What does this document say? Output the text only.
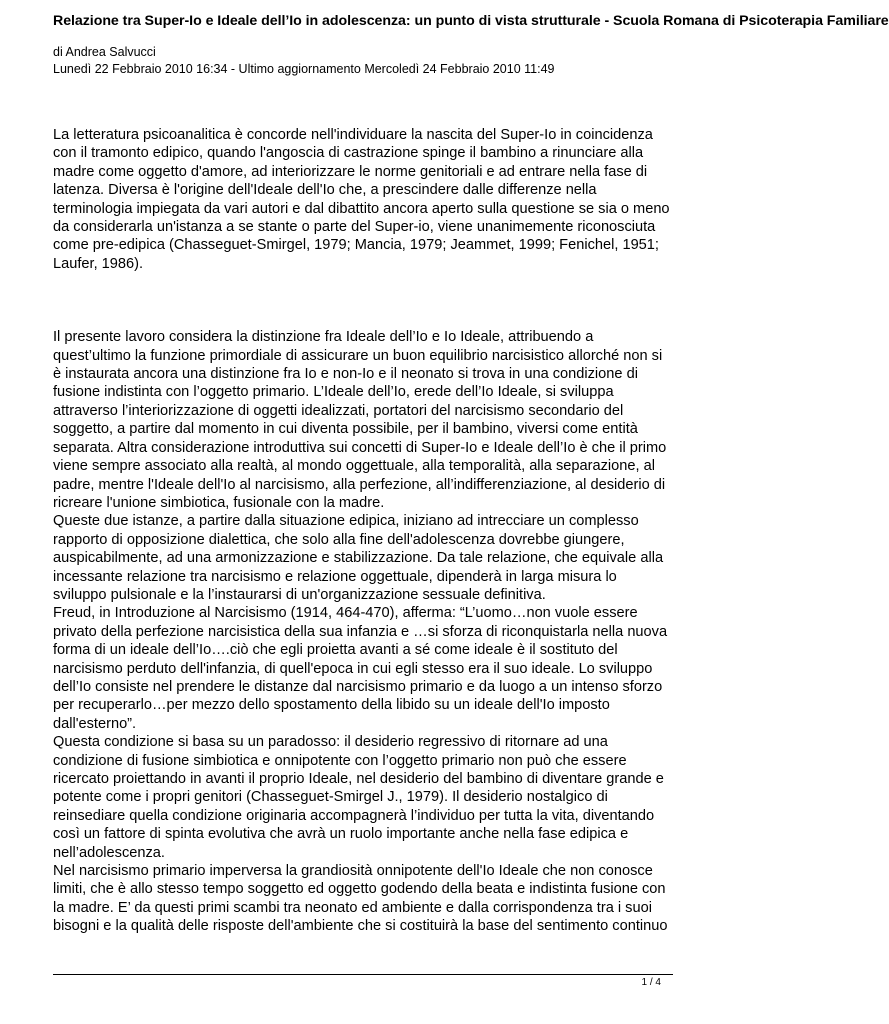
Relazione tra Super-Io e Ideale dell’Io in adolescenza: un punto di vista strutturale - Scuola Romana di Psicoterapia Familiare
di Andrea Salvucci
Lunedì 22 Febbraio 2010 16:34 - Ultimo aggiornamento Mercoledì 24 Febbraio 2010 11:49

La letteratura psicoanalitica è concorde nell'individuare la nascita del Super-Io in coincidenza con il tramonto edipico, quando l'angoscia di castrazione spinge il bambino a rinunciare alla madre come oggetto d'amore, ad interiorizzare le norme genitoriali e ad entrare nella fase di latenza. Diversa è l'origine dell'Ideale dell'Io che, a prescindere dalle differenze nella terminologia impiegata da vari autori e dal dibattito ancora aperto sulla questione se sia o meno da considerarla un'istanza a se stante o parte del Super-io, viene unanimemente riconosciuta come pre-edipica (Chasseguet-Smirgel, 1979; Mancia, 1979; Jeammet, 1999; Fenichel, 1951; Laufer, 1986).

Il presente lavoro considera la distinzione fra Ideale dell’Io e Io Ideale, attribuendo a quest’ultimo la funzione primordiale di assicurare un buon equilibrio narcisistico allorché non si è instaurata ancora una distinzione fra Io e non-Io e il neonato si trova in una condizione di fusione indistinta con l’oggetto primario. L’Ideale dell’Io, erede dell’Io Ideale, si sviluppa attraverso l’interiorizzazione di oggetti idealizzati, portatori del narcisismo secondario del soggetto, a partire dal momento in cui diventa possibile, per il bambino, viversi come entità separata. Altra considerazione introduttiva sui concetti di Super-Io e Ideale dell’Io è che il primo viene sempre associato alla realtà, al mondo oggettuale, alla temporalità, alla separazione, al padre, mentre l'Ideale dell'Io al narcisismo, alla perfezione, all’indifferenziazione, al desiderio di ricreare l'unione simbiotica, fusionale con la madre.

Queste due istanze, a partire dalla situazione edipica, iniziano ad intrecciare un complesso rapporto di opposizione dialettica, che solo alla fine dell'adolescenza dovrebbe giungere, auspicabilmente, ad una armonizzazione e stabilizzazione. Da tale relazione, che equivale alla incessante relazione tra narcisismo e relazione oggettuale, dipenderà in larga misura lo sviluppo pulsionale e la l’instaurarsi di un'organizzazione sessuale definitiva.

Freud, in Introduzione al Narcisismo (1914, 464-470), afferma: “L’uomo…non vuole essere privato della perfezione narcisistica della sua infanzia e …si sforza di riconquistarla nella nuova forma di un ideale dell’Io….ciò che egli proietta avanti a sé come ideale è il sostituto del narcisismo perduto dell'infanzia, di quell'epoca in cui egli stesso era il suo ideale. Lo sviluppo dell’Io consiste nel prendere le distanze dal narcisismo primario e da luogo a un intenso sforzo per recuperarlo…per mezzo dello spostamento della libido su un ideale dell'Io imposto dall'esterno”.

Questa condizione si basa su un paradosso: il desiderio regressivo di ritornare ad una condizione di fusione simbiotica e onnipotente con l’oggetto primario non può che essere ricercato proiettando in avanti il proprio Ideale, nel desiderio del bambino di diventare grande e potente come i propri genitori (Chasseguet-Smirgel J., 1979). Il desiderio nostalgico di reinsediare quella condizione originaria accompagnerà l’individuo per tutta la vita, diventando così un fattore di spinta evolutiva che avrà un ruolo importante anche nella fase edipica e nell’adolescenza.

Nel narcisismo primario imperversa la grandiosità onnipotente dell'Io Ideale che non conosce limiti, che è allo stesso tempo soggetto ed oggetto godendo della beata e indistinta fusione con la madre. E’ da questi primi scambi tra neonato ed ambiente e dalla corrispondenza tra i suoi bisogni e la qualità delle risposte dell'ambiente che si costituirà la base del sentimento continuo

1 / 4
